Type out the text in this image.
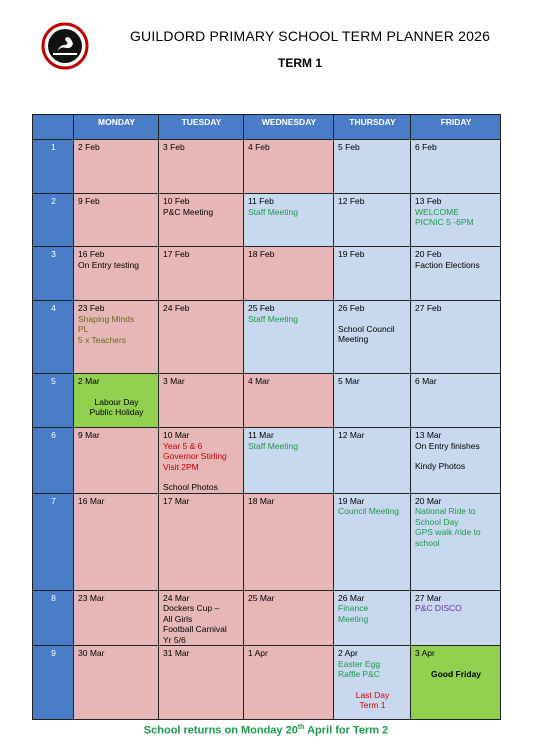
GUILDORD PRIMARY SCHOOL TERM PLANNER 2026
TERM 1
	MONDAY	TUESDAY	WEDNESDAY	THURSDAY	FRIDAY
1	2 Feb	3 Feb	4 Feb	5 Feb	6 Feb

2	9 Feb	10 Feb
P&C Meeting	11 Feb
Staff Meeting	12 Feb	13 Feb
WELCOME
PICNIC 5 -6PM

3	16 Feb
On Entry testing	17 Feb	18 Feb	19 Feb	20 Feb
Faction Elections

4	23 Feb
Shaping Minds
PL
5 x Teachers	24 Feb	25 Feb
Staff Meeting	26 Feb
School Council
Meeting	27 Feb

5	2 Mar
Labour Day
Public Holiday	3 Mar	4 Mar	5 Mar	6 Mar

6	9 Mar	10 Mar
Year 5 & 6
Governor Stirling
Visit 2PM
School Photos	11 Mar
Staff Meeting	12 Mar	13 Mar
On Entry finishes
Kindy Photos

7	16 Mar	17 Mar	18 Mar	19 Mar
Council Meeting	20 Mar
National Ride to
School Day
GPS walk /ride to
school

8	23 Mar	24 Mar
Dockers Cup –
All Girls
Football Carnival
Yr 5/6	25 Mar	26 Mar
Finance
Meeting	27 Mar
P&C DISCO

9	30 Mar	31 Mar	1 Apr	2 Apr
Easter Egg
Raffle P&C
Last Day
Term 1	3 Apr
Good Friday
School returns on Monday 20th April for Term 2
